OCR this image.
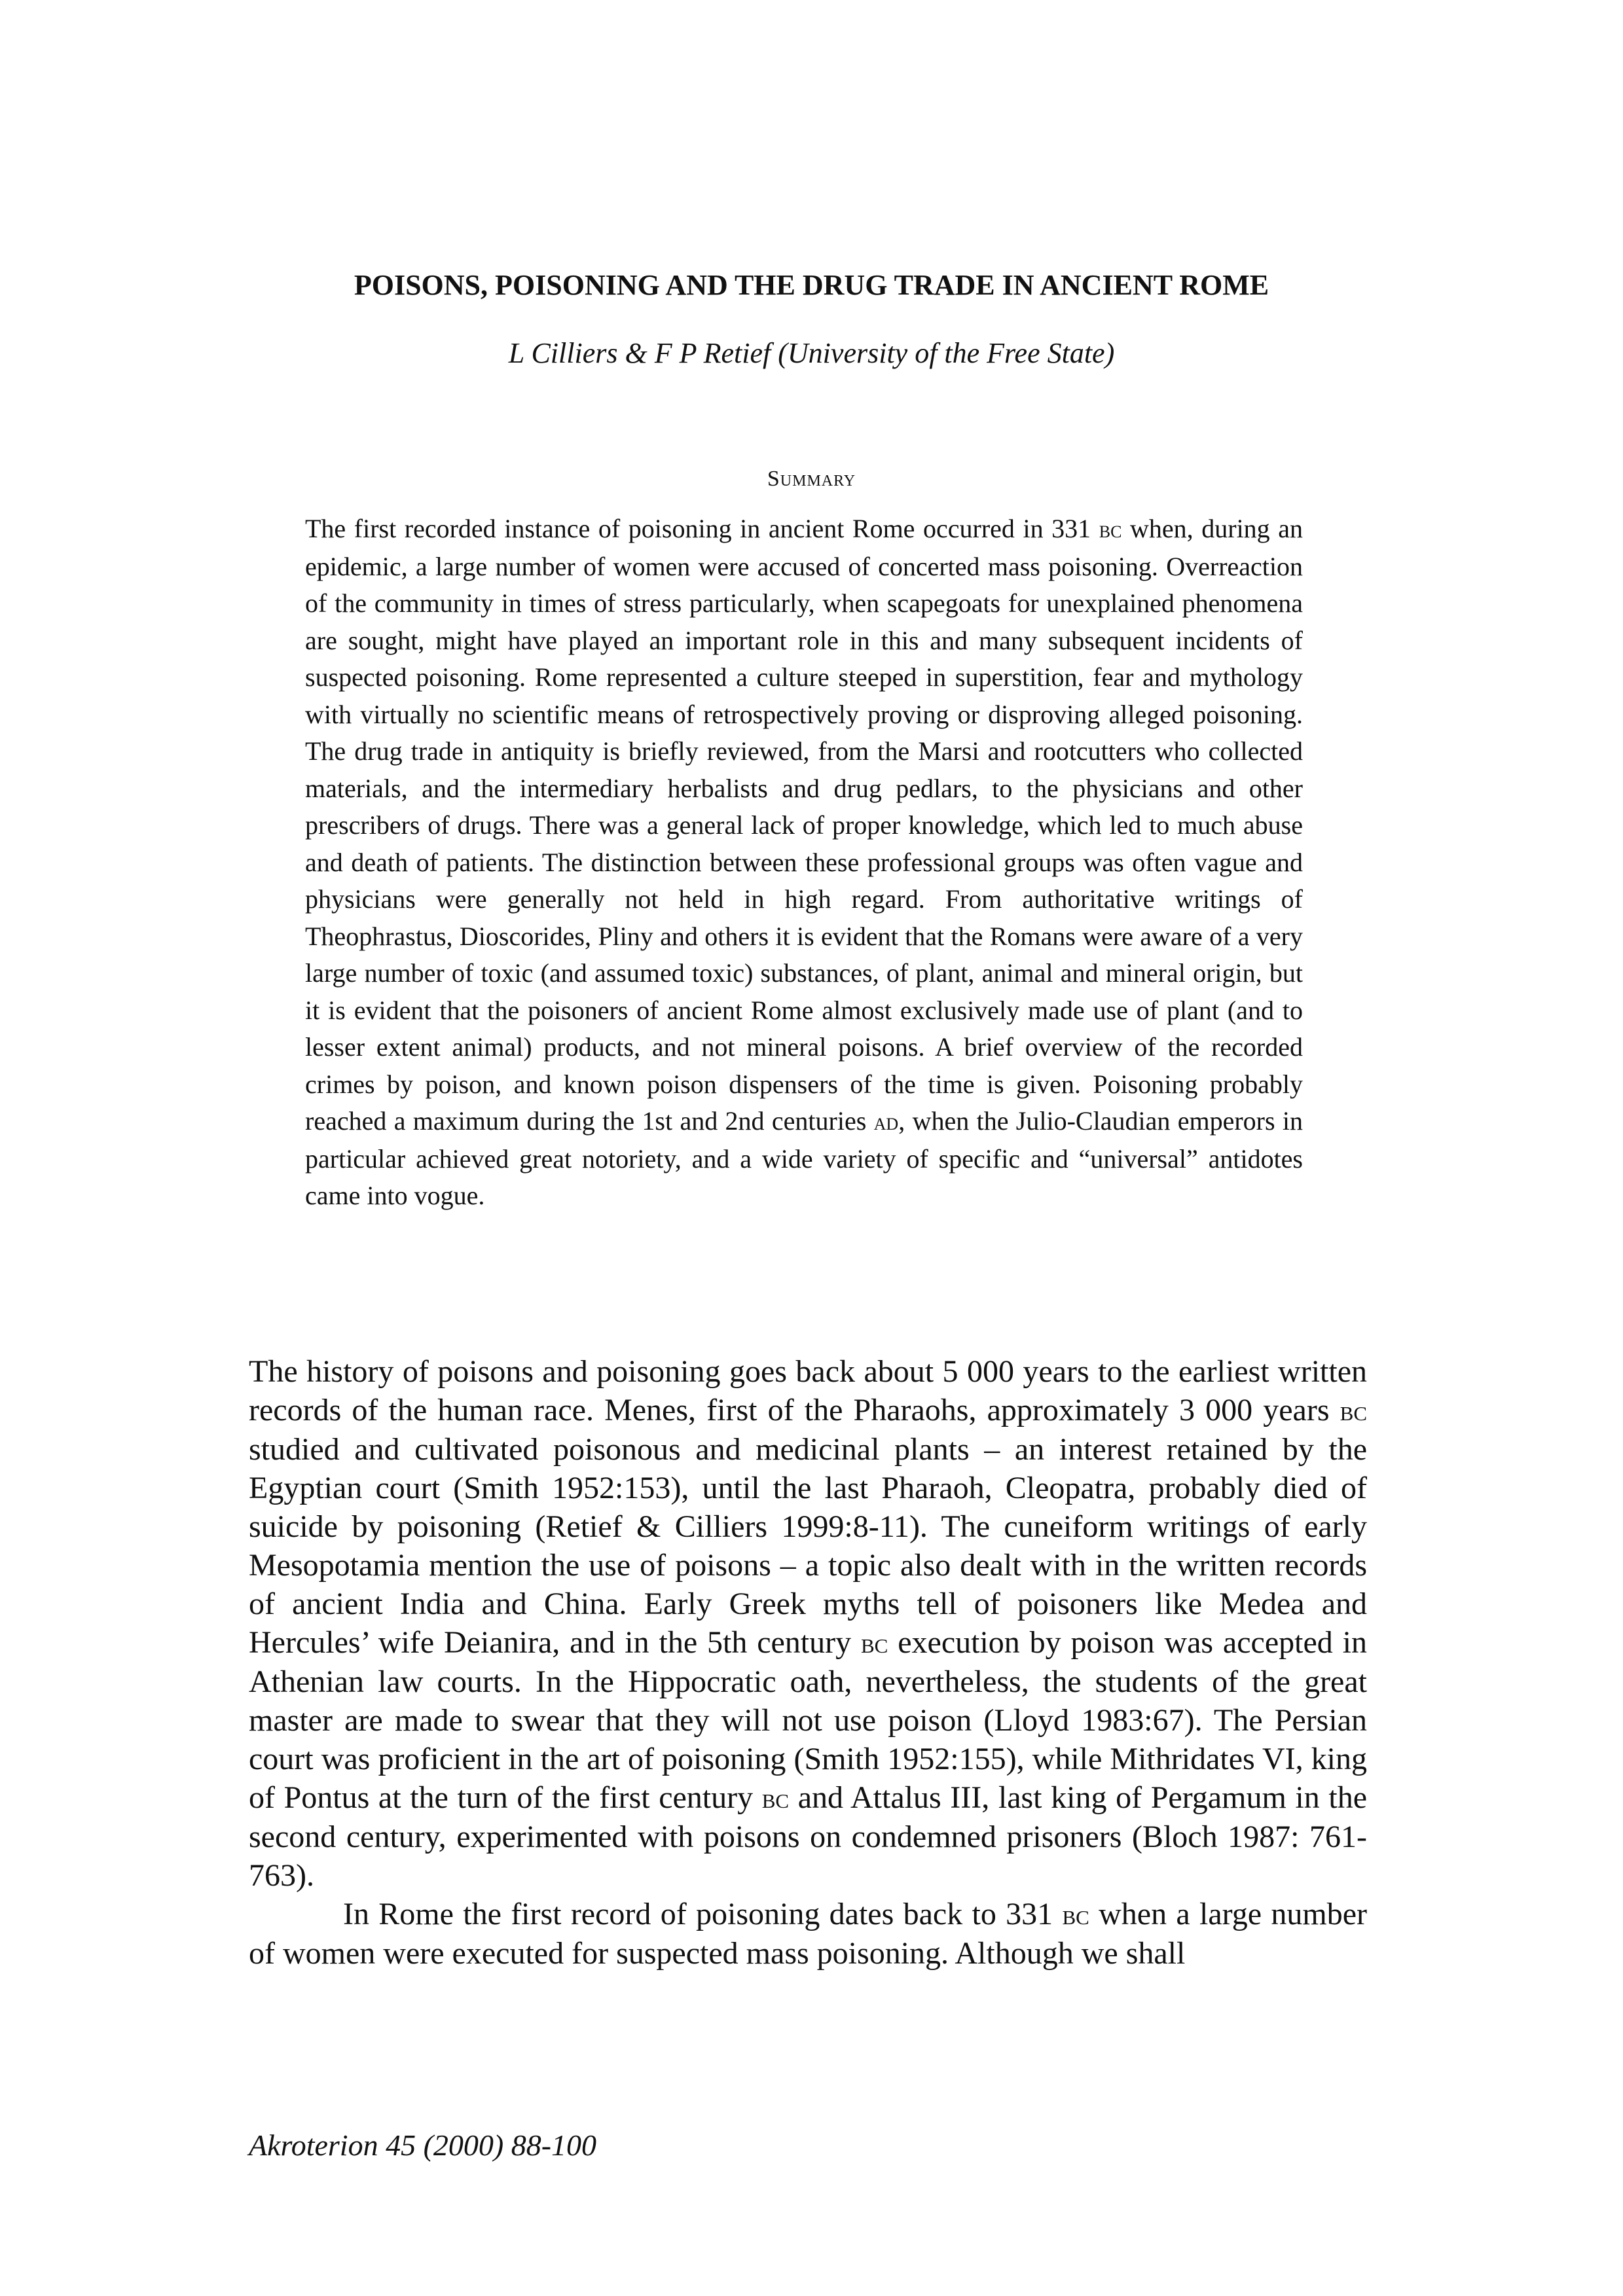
POISONS, POISONING AND THE DRUG TRADE IN ANCIENT ROME
L Cilliers & F P Retief (University of the Free State)
Summary

The first recorded instance of poisoning in ancient Rome occurred in 331 bc when, during an epidemic, a large number of women were accused of concerted mass poisoning. Overreaction of the community in times of stress particularly, when scapegoats for unexplained phenomena are sought, might have played an important role in this and many subsequent incidents of suspected poisoning. Rome represented a culture steeped in superstition, fear and mythology with virtually no scientific means of retrospectively proving or disproving alleged poisoning. The drug trade in antiquity is briefly reviewed, from the Marsi and rootcutters who collected materials, and the intermediary herbalists and drug pedlars, to the physicians and other prescribers of drugs. There was a general lack of proper knowledge, which led to much abuse and death of patients. The distinction between these professional groups was often vague and physicians were generally not held in high regard. From authoritative writings of Theophrastus, Dioscorides, Pliny and others it is evident that the Romans were aware of a very large number of toxic (and assumed toxic) substances, of plant, animal and mineral origin, but it is evident that the poisoners of ancient Rome almost exclusively made use of plant (and to lesser extent animal) products, and not mineral poisons. A brief overview of the recorded crimes by poison, and known poison dispensers of the time is given. Poisoning probably reached a maximum during the 1st and 2nd centuries ad, when the Julio-Claudian emperors in particular achieved great notoriety, and a wide variety of specific and “universal” antidotes came into vogue.

The history of poisons and poisoning goes back about 5 000 years to the earliest written records of the human race. Menes, first of the Pharaohs, approximately 3 000 years bc studied and cultivated poisonous and medicinal plants – an interest retained by the Egyptian court (Smith 1952:153), until the last Pharaoh, Cleopatra, probably died of suicide by poisoning (Retief & Cilliers 1999:8-11). The cuneiform writings of early Mesopotamia mention the use of poisons – a topic also dealt with in the written records of ancient India and China. Early Greek myths tell of poisoners like Medea and Hercules’ wife Deianira, and in the 5th century bc execution by poison was accepted in Athenian law courts. In the Hippocratic oath, nevertheless, the students of the great master are made to swear that they will not use poison (Lloyd 1983:67). The Persian court was proficient in the art of poisoning (Smith 1952:155), while Mithridates VI, king of Pontus at the turn of the first century bc and Attalus III, last king of Pergamum in the second century, experimented with poisons on condemned prisoners (Bloch 1987: 761-763).

In Rome the first record of poisoning dates back to 331 bc when a large number of women were executed for suspected mass poisoning. Although we shall

Akroterion 45 (2000) 88-100
